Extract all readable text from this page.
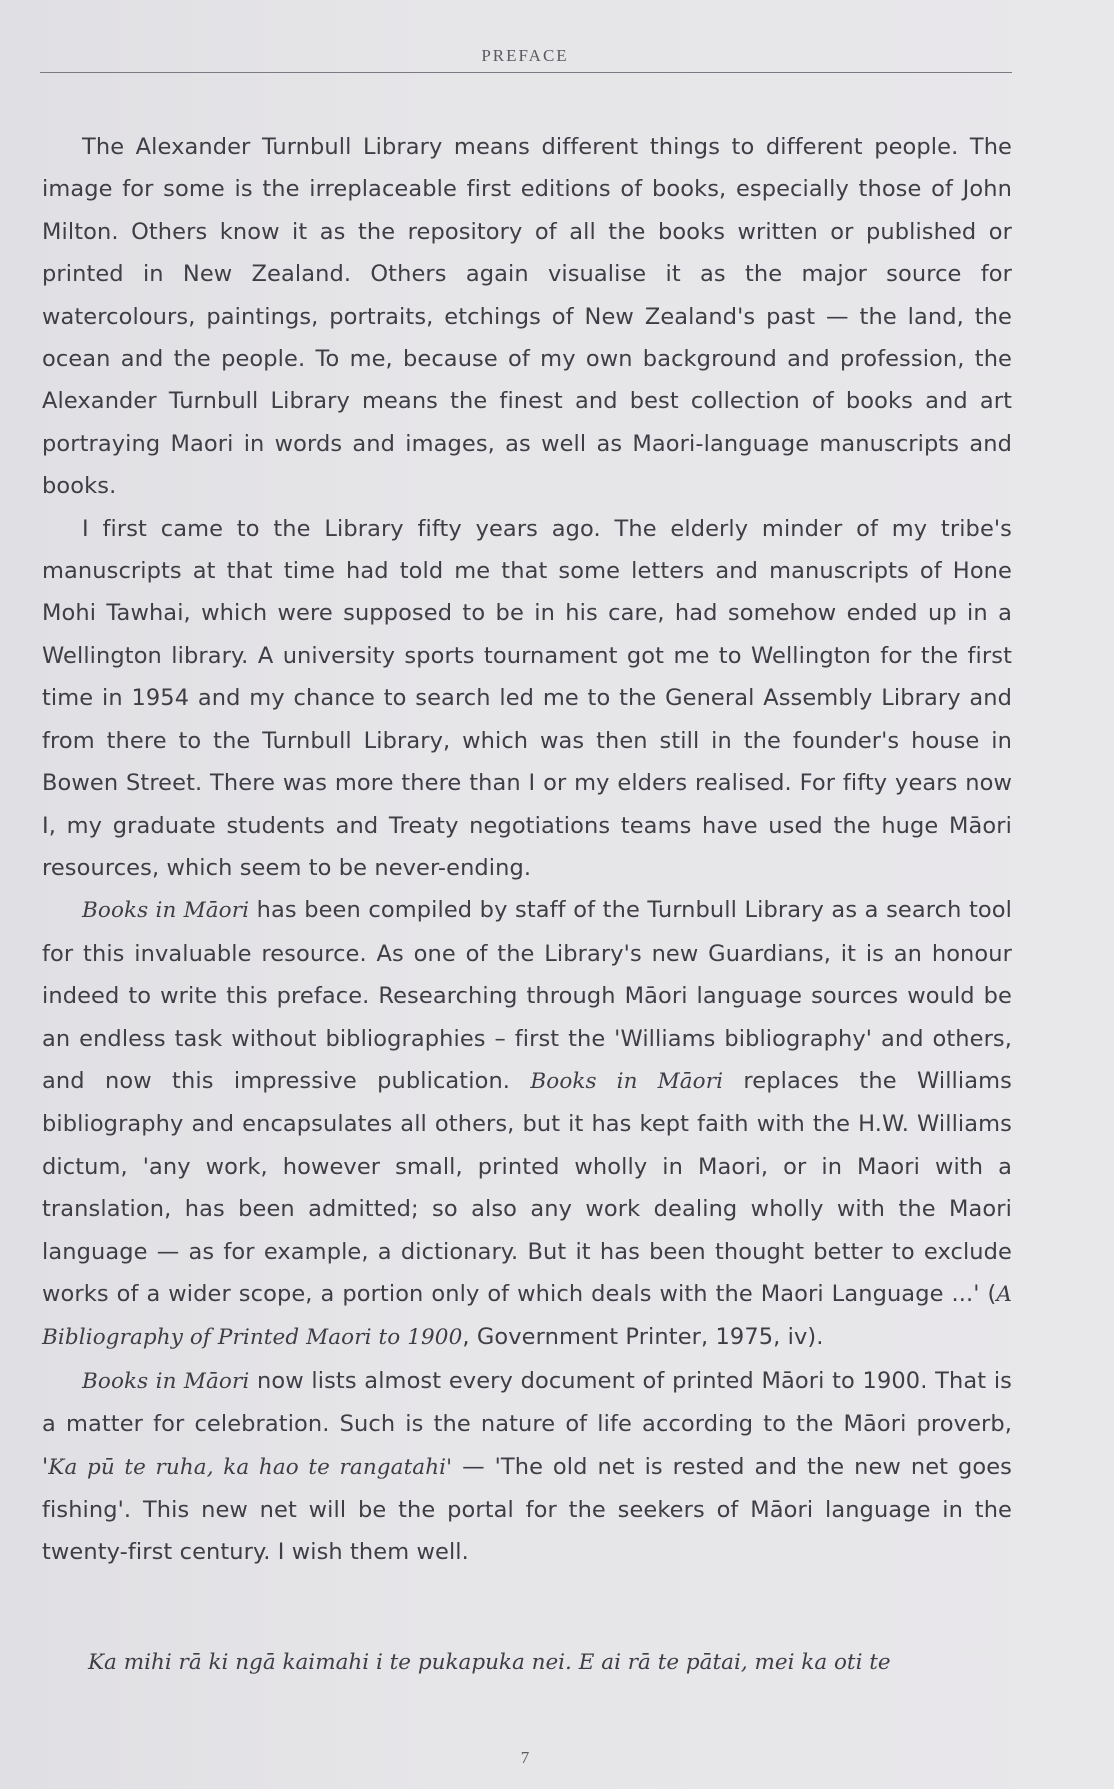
PREFACE

The Alexander Turnbull Library means different things to different people. The image for some is the irreplaceable first editions of books, especially those of John Milton. Others know it as the repository of all the books written or published or printed in New Zealand. Others again visualise it as the major source for watercolours, paintings, portraits, etchings of New Zealand's past — the land, the ocean and the people. To me, because of my own background and profession, the Alexander Turnbull Library means the finest and best collection of books and art portraying Maori in words and images, as well as Maori-language manuscripts and books.

I first came to the Library fifty years ago. The elderly minder of my tribe's manuscripts at that time had told me that some letters and manuscripts of Hone Mohi Tawhai, which were supposed to be in his care, had somehow ended up in a Wellington library. A university sports tournament got me to Wellington for the first time in 1954 and my chance to search led me to the General Assembly Library and from there to the Turnbull Library, which was then still in the founder's house in Bowen Street. There was more there than I or my elders realised. For fifty years now I, my graduate students and Treaty negotiations teams have used the huge Māori resources, which seem to be never-ending.

Books in Māori has been compiled by staff of the Turnbull Library as a search tool for this invaluable resource. As one of the Library's new Guardians, it is an honour indeed to write this preface. Researching through Māori language sources would be an endless task without bibliographies – first the 'Williams bibliography' and others, and now this impressive publication. Books in Māori replaces the Williams bibliography and encapsulates all others, but it has kept faith with the H.W. Williams dictum, 'any work, however small, printed wholly in Maori, or in Maori with a translation, has been admitted; so also any work dealing wholly with the Maori language — as for example, a dictionary. But it has been thought better to exclude works of a wider scope, a portion only of which deals with the Maori Language ...' (A Bibliography of Printed Maori to 1900, Government Printer, 1975, iv).

Books in Māori now lists almost every document of printed Māori to 1900. That is a matter for celebration. Such is the nature of life according to the Māori proverb, 'Ka pū te ruha, ka hao te rangatahi' — 'The old net is rested and the new net goes fishing'. This new net will be the portal for the seekers of Māori language in the twenty-first century. I wish them well.

Ka mihi rā ki ngā kaimahi i te pukapuka nei. E ai rā te pātai, mei ka oti te
7
